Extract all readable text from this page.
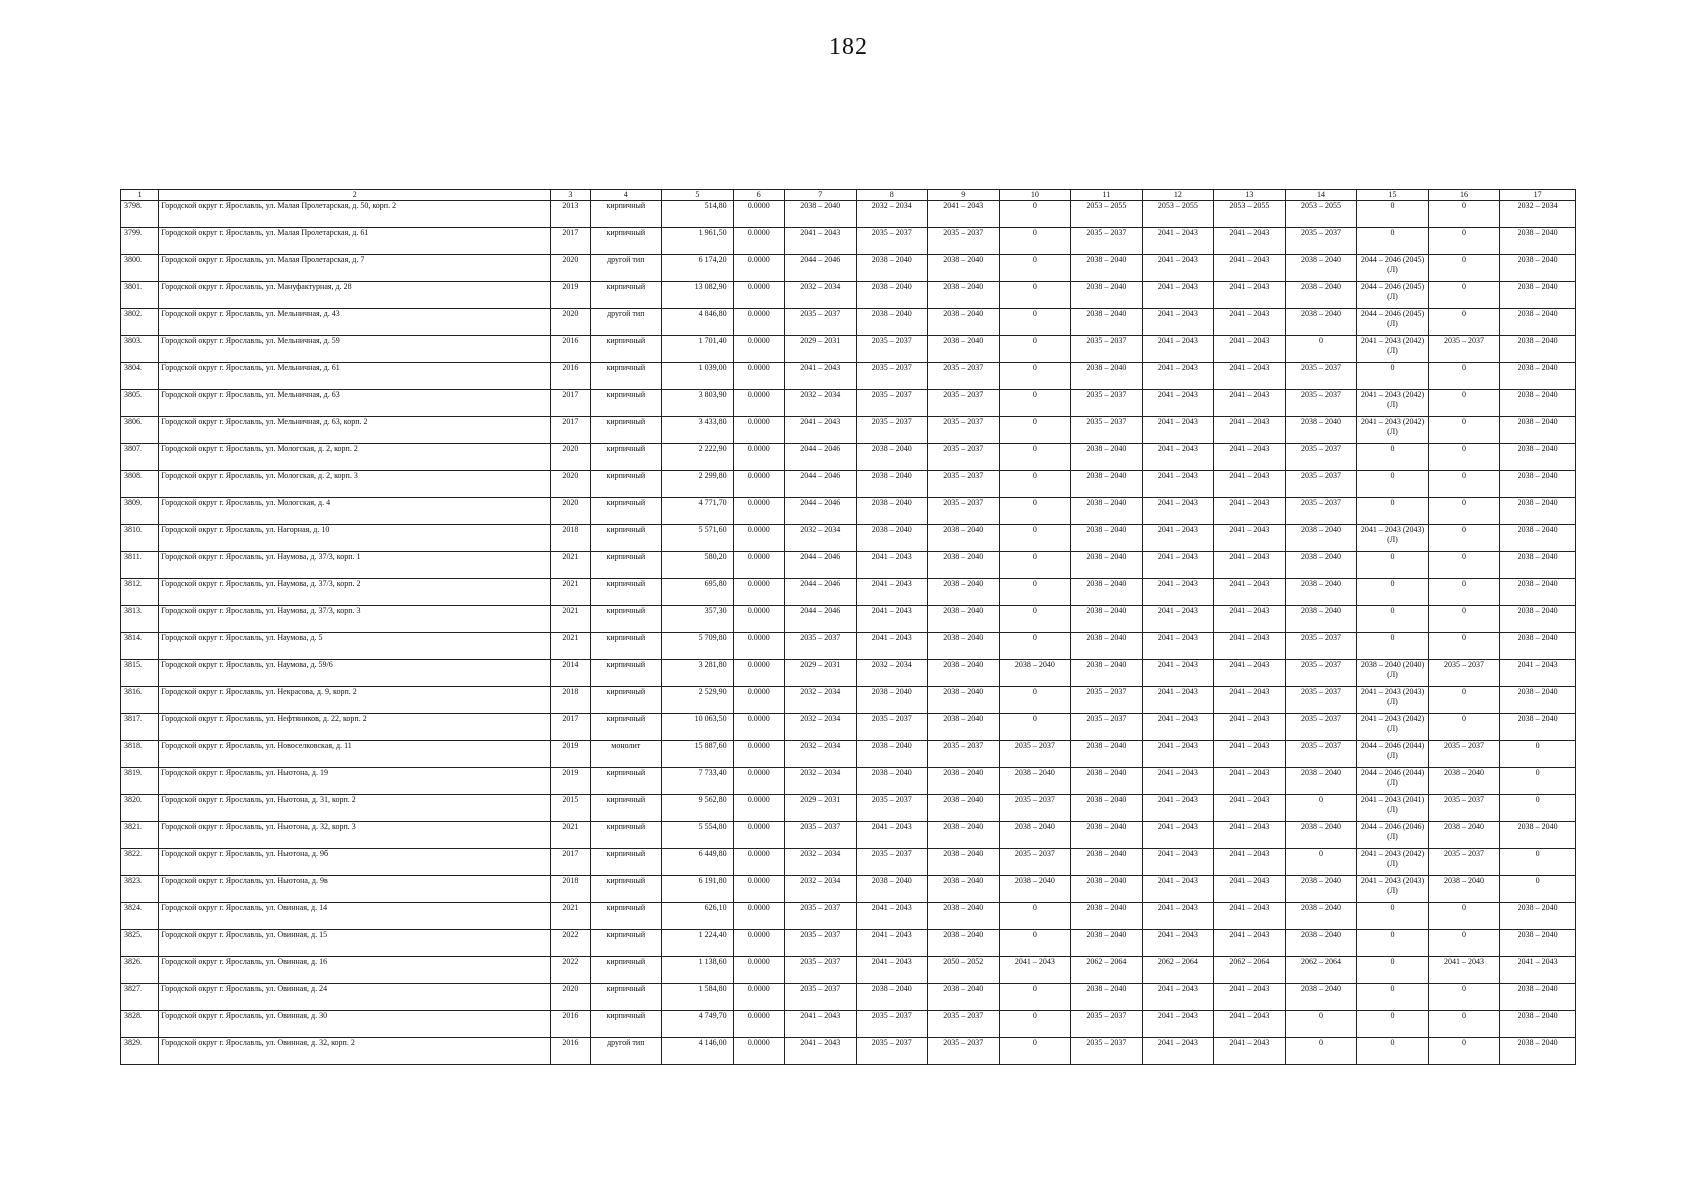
182
1	2	3	4	5	6	7	8	9	10	11	12	13	14	15	16	17
3798.	Городской округ г. Ярославль, ул. Малая Пролетарская, д. 50, корп. 2	2013	кирпичный	514,80	0.0000	2038 – 2040	2032 – 2034	2041 – 2043	0	2053 – 2055	2053 – 2055	2053 – 2055	2053 – 2055	0	0	2032 – 2034
3799.	Городской округ г. Ярославль, ул. Малая Пролетарская, д. 61	2017	кирпичный	1 961,50	0.0000	2041 – 2043	2035 – 2037	2035 – 2037	0	2035 – 2037	2041 – 2043	2041 – 2043	2035 – 2037	0	0	2038 – 2040
3800.	Городской округ г. Ярославль, ул. Малая Пролетарская, д. 7	2020	другой тип	6 174,20	0.0000	2044 – 2046	2038 – 2040	2038 – 2040	0	2038 – 2040	2041 – 2043	2041 – 2043	2038 – 2040	2044 – 2046 (2045) (Л)	0	2038 – 2040
3801.	Городской округ г. Ярославль, ул. Мануфактурная, д. 28	2019	кирпичный	13 082,90	0.0000	2032 – 2034	2038 – 2040	2038 – 2040	0	2038 – 2040	2041 – 2043	2041 – 2043	2038 – 2040	2044 – 2046 (2045) (Л)	0	2038 – 2040
3802.	Городской округ г. Ярославль, ул. Мельничная, д. 43	2020	другой тип	4 846,80	0.0000	2035 – 2037	2038 – 2040	2038 – 2040	0	2038 – 2040	2041 – 2043	2041 – 2043	2038 – 2040	2044 – 2046 (2045) (Л)	0	2038 – 2040
3803.	Городской округ г. Ярославль, ул. Мельничная, д. 59	2016	кирпичный	1 701,40	0.0000	2029 – 2031	2035 – 2037	2038 – 2040	0	2035 – 2037	2041 – 2043	2041 – 2043	0	2041 – 2043 (2042) (Л)	2035 – 2037	2038 – 2040
3804.	Городской округ г. Ярославль, ул. Мельничная, д. 61	2016	кирпичный	1 039,00	0.0000	2041 – 2043	2035 – 2037	2035 – 2037	0	2038 – 2040	2041 – 2043	2041 – 2043	2035 – 2037	0	0	2038 – 2040
3805.	Городской округ г. Ярославль, ул. Мельничная, д. 63	2017	кирпичный	3 803,90	0.0000	2032 – 2034	2035 – 2037	2035 – 2037	0	2035 – 2037	2041 – 2043	2041 – 2043	2035 – 2037	2041 – 2043 (2042) (Л)	0	2038 – 2040
3806.	Городской округ г. Ярославль, ул. Мельничная, д. 63, корп. 2	2017	кирпичный	3 433,80	0.0000	2041 – 2043	2035 – 2037	2035 – 2037	0	2035 – 2037	2041 – 2043	2041 – 2043	2038 – 2040	2041 – 2043 (2042) (Л)	0	2038 – 2040
3807.	Городской округ г. Ярославль, ул. Мологская, д. 2, корп. 2	2020	кирпичный	2 222,90	0.0000	2044 – 2046	2038 – 2040	2035 – 2037	0	2038 – 2040	2041 – 2043	2041 – 2043	2035 – 2037	0	0	2038 – 2040
3808.	Городской округ г. Ярославль, ул. Мологская, д. 2, корп. 3	2020	кирпичный	2 299,80	0.0000	2044 – 2046	2038 – 2040	2035 – 2037	0	2038 – 2040	2041 – 2043	2041 – 2043	2035 – 2037	0	0	2038 – 2040
3809.	Городской округ г. Ярославль, ул. Мологская, д. 4	2020	кирпичный	4 771,70	0.0000	2044 – 2046	2038 – 2040	2035 – 2037	0	2038 – 2040	2041 – 2043	2041 – 2043	2035 – 2037	0	0	2038 – 2040
3810.	Городской округ г. Ярославль, ул. Нагорная, д. 10	2018	кирпичный	5 571,60	0.0000	2032 – 2034	2038 – 2040	2038 – 2040	0	2038 – 2040	2041 – 2043	2041 – 2043	2038 – 2040	2041 – 2043 (2043) (Л)	0	2038 – 2040
3811.	Городской округ г. Ярославль, ул. Наумова, д. 37/3, корп. 1	2021	кирпичный	580,20	0.0000	2044 – 2046	2041 – 2043	2038 – 2040	0	2038 – 2040	2041 – 2043	2041 – 2043	2038 – 2040	0	0	2038 – 2040
3812.	Городской округ г. Ярославль, ул. Наумова, д. 37/3, корп. 2	2021	кирпичный	695,80	0.0000	2044 – 2046	2041 – 2043	2038 – 2040	0	2038 – 2040	2041 – 2043	2041 – 2043	2038 – 2040	0	0	2038 – 2040
3813.	Городской округ г. Ярославль, ул. Наумова, д. 37/3, корп. 3	2021	кирпичный	357,30	0.0000	2044 – 2046	2041 – 2043	2038 – 2040	0	2038 – 2040	2041 – 2043	2041 – 2043	2038 – 2040	0	0	2038 – 2040
3814.	Городской округ г. Ярославль, ул. Наумова, д. 5	2021	кирпичный	5 709,80	0.0000	2035 – 2037	2041 – 2043	2038 – 2040	0	2038 – 2040	2041 – 2043	2041 – 2043	2035 – 2037	0	0	2038 – 2040
3815.	Городской округ г. Ярославль, ул. Наумова, д. 59/6	2014	кирпичный	3 281,80	0.0000	2029 – 2031	2032 – 2034	2038 – 2040	2038 – 2040	2038 – 2040	2041 – 2043	2041 – 2043	2035 – 2037	2038 – 2040 (2040) (Л)	2035 – 2037	2041 – 2043
3816.	Городской округ г. Ярославль, ул. Некрасова, д. 9, корп. 2	2018	кирпичный	2 529,90	0.0000	2032 – 2034	2038 – 2040	2038 – 2040	0	2035 – 2037	2041 – 2043	2041 – 2043	2035 – 2037	2041 – 2043 (2043) (Л)	0	2038 – 2040
3817.	Городской округ г. Ярославль, ул. Нефтяников, д. 22, корп. 2	2017	кирпичный	10 063,50	0.0000	2032 – 2034	2035 – 2037	2038 – 2040	0	2035 – 2037	2041 – 2043	2041 – 2043	2035 – 2037	2041 – 2043 (2042) (Л)	0	2038 – 2040
3818.	Городской округ г. Ярославль, ул. Новоселковская, д. 11	2019	монолит	15 887,60	0.0000	2032 – 2034	2038 – 2040	2035 – 2037	2035 – 2037	2038 – 2040	2041 – 2043	2041 – 2043	2035 – 2037	2044 – 2046 (2044) (Л)	2035 – 2037	0
3819.	Городской округ г. Ярославль, ул. Ньютона, д. 19	2019	кирпичный	7 733,40	0.0000	2032 – 2034	2038 – 2040	2038 – 2040	2038 – 2040	2038 – 2040	2041 – 2043	2041 – 2043	2038 – 2040	2044 – 2046 (2044) (Л)	2038 – 2040	0
3820.	Городской округ г. Ярославль, ул. Ньютона, д. 31, корп. 2	2015	кирпичный	9 562,80	0.0000	2029 – 2031	2035 – 2037	2038 – 2040	2035 – 2037	2038 – 2040	2041 – 2043	2041 – 2043	0	2041 – 2043 (2041) (Л)	2035 – 2037	0
3821.	Городской округ г. Ярославль, ул. Ньютона, д. 32, корп. 3	2021	кирпичный	5 554,80	0.0000	2035 – 2037	2041 – 2043	2038 – 2040	2038 – 2040	2038 – 2040	2041 – 2043	2041 – 2043	2038 – 2040	2044 – 2046 (2046) (Л)	2038 – 2040	2038 – 2040
3822.	Городской округ г. Ярославль, ул. Ньютона, д. 9б	2017	кирпичный	6 449,80	0.0000	2032 – 2034	2035 – 2037	2038 – 2040	2035 – 2037	2038 – 2040	2041 – 2043	2041 – 2043	0	2041 – 2043 (2042) (Л)	2035 – 2037	0
3823.	Городской округ г. Ярославль, ул. Ньютона, д. 9в	2018	кирпичный	6 191,80	0.0000	2032 – 2034	2038 – 2040	2038 – 2040	2038 – 2040	2038 – 2040	2041 – 2043	2041 – 2043	2038 – 2040	2041 – 2043 (2043) (Л)	2038 – 2040	0
3824.	Городской округ г. Ярославль, ул. Овинная, д. 14	2021	кирпичный	626,10	0.0000	2035 – 2037	2041 – 2043	2038 – 2040	0	2038 – 2040	2041 – 2043	2041 – 2043	2038 – 2040	0	0	2038 – 2040
3825.	Городской округ г. Ярославль, ул. Овинная, д. 15	2022	кирпичный	1 224,40	0.0000	2035 – 2037	2041 – 2043	2038 – 2040	0	2038 – 2040	2041 – 2043	2041 – 2043	2038 – 2040	0	0	2038 – 2040
3826.	Городской округ г. Ярославль, ул. Овинная, д. 16	2022	кирпичный	1 138,60	0.0000	2035 – 2037	2041 – 2043	2050 – 2052	2041 – 2043	2062 – 2064	2062 – 2064	2062 – 2064	2062 – 2064	0	2041 – 2043	2041 – 2043
3827.	Городской округ г. Ярославль, ул. Овинная, д. 24	2020	кирпичный	1 584,80	0.0000	2035 – 2037	2038 – 2040	2038 – 2040	0	2038 – 2040	2041 – 2043	2041 – 2043	2038 – 2040	0	0	2038 – 2040
3828.	Городской округ г. Ярославль, ул. Овинная, д. 30	2016	кирпичный	4 749,70	0.0000	2041 – 2043	2035 – 2037	2035 – 2037	0	2035 – 2037	2041 – 2043	2041 – 2043	0	0	0	2038 – 2040
3829.	Городской округ г. Ярославль, ул. Овинная, д. 32, корп. 2	2016	другой тип	4 146,00	0.0000	2041 – 2043	2035 – 2037	2035 – 2037	0	2035 – 2037	2041 – 2043	2041 – 2043	0	0	0	2038 – 2040
